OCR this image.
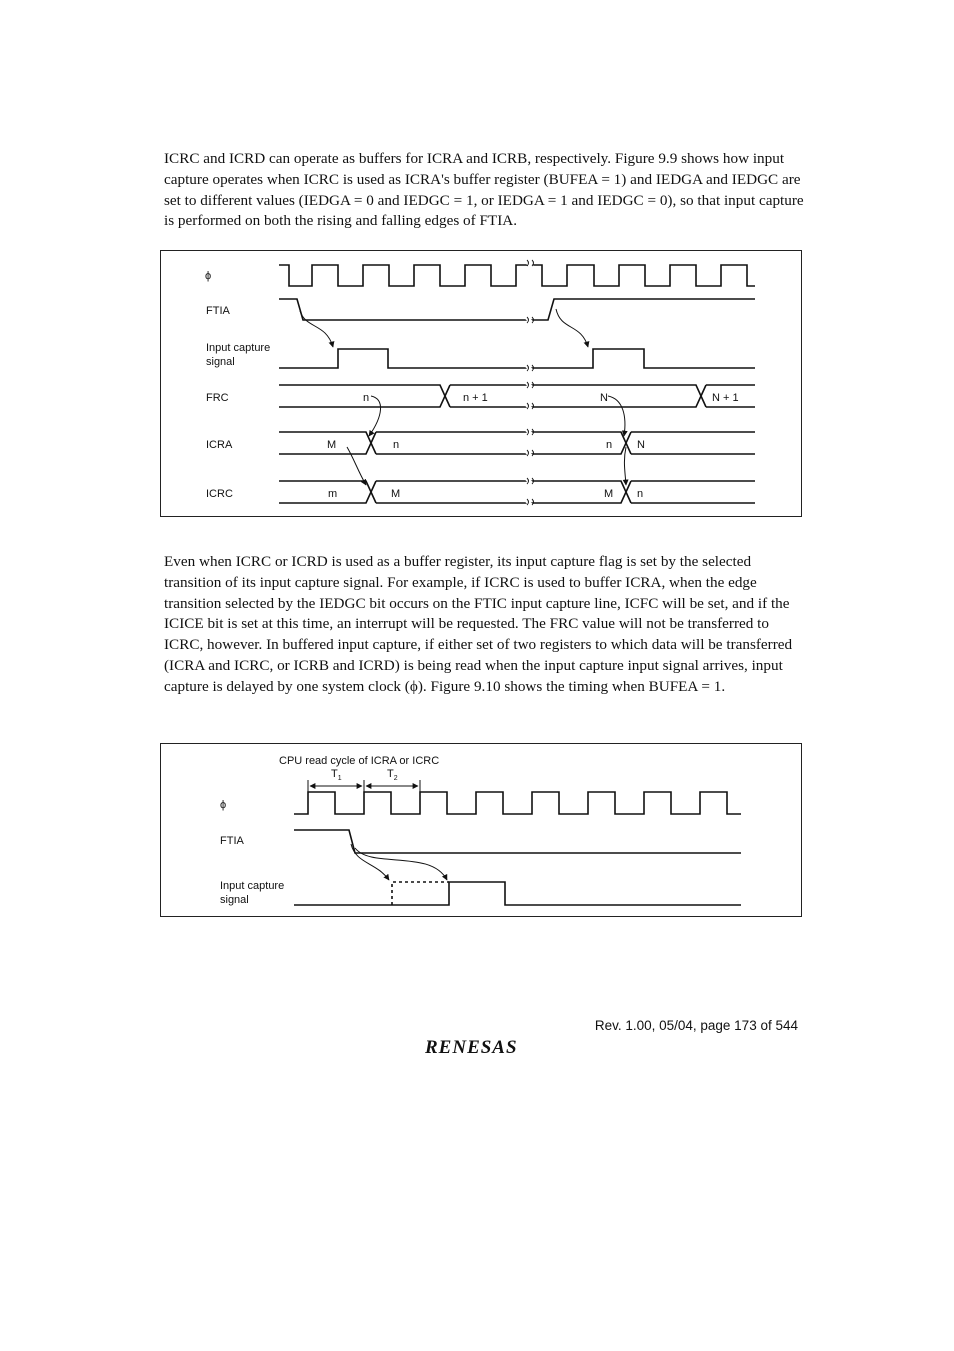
ICRC and ICRD can operate as buffers for ICRA and ICRB, respectively. Figure 9.9 shows how input capture operates when ICRC is used as ICRA's buffer register (BUFEA = 1) and IEDGA and IEDGC are set to different values (IEDGA = 0 and IEDGC = 1, or IEDGA = 1 and IEDGC = 0), so that input capture is performed on both the rising and falling edges of FTIA.

ϕ
FTIA
Input capture
signal
FRC
ICRA
ICRC
n	n + 1	N	N + 1
M	n	n N
m	M	M n

Even when ICRC or ICRD is used as a buffer register, its input capture flag is set by the selected transition of its input capture signal. For example, if ICRC is used to buffer ICRA, when the edge transition selected by the IEDGC bit occurs on the FTIC input capture line, ICFC will be set, and if the ICICE bit is set at this time, an interrupt will be requested. The FRC value will not be transferred to ICRC, however. In buffered input capture, if either set of two registers to which data will be transferred (ICRA and ICRC, or ICRB and ICRD) is being read when the input capture input signal arrives, input capture is delayed by one system clock (ϕ). Figure 9.10 shows the timing when BUFEA = 1.

CPU read cycle of ICRA or ICRC
$T_1$	$T_2$
ϕ
FTIA
Input capture
signal
Rev. 1.00, 05/04, page 173 of 544
RENESAS
